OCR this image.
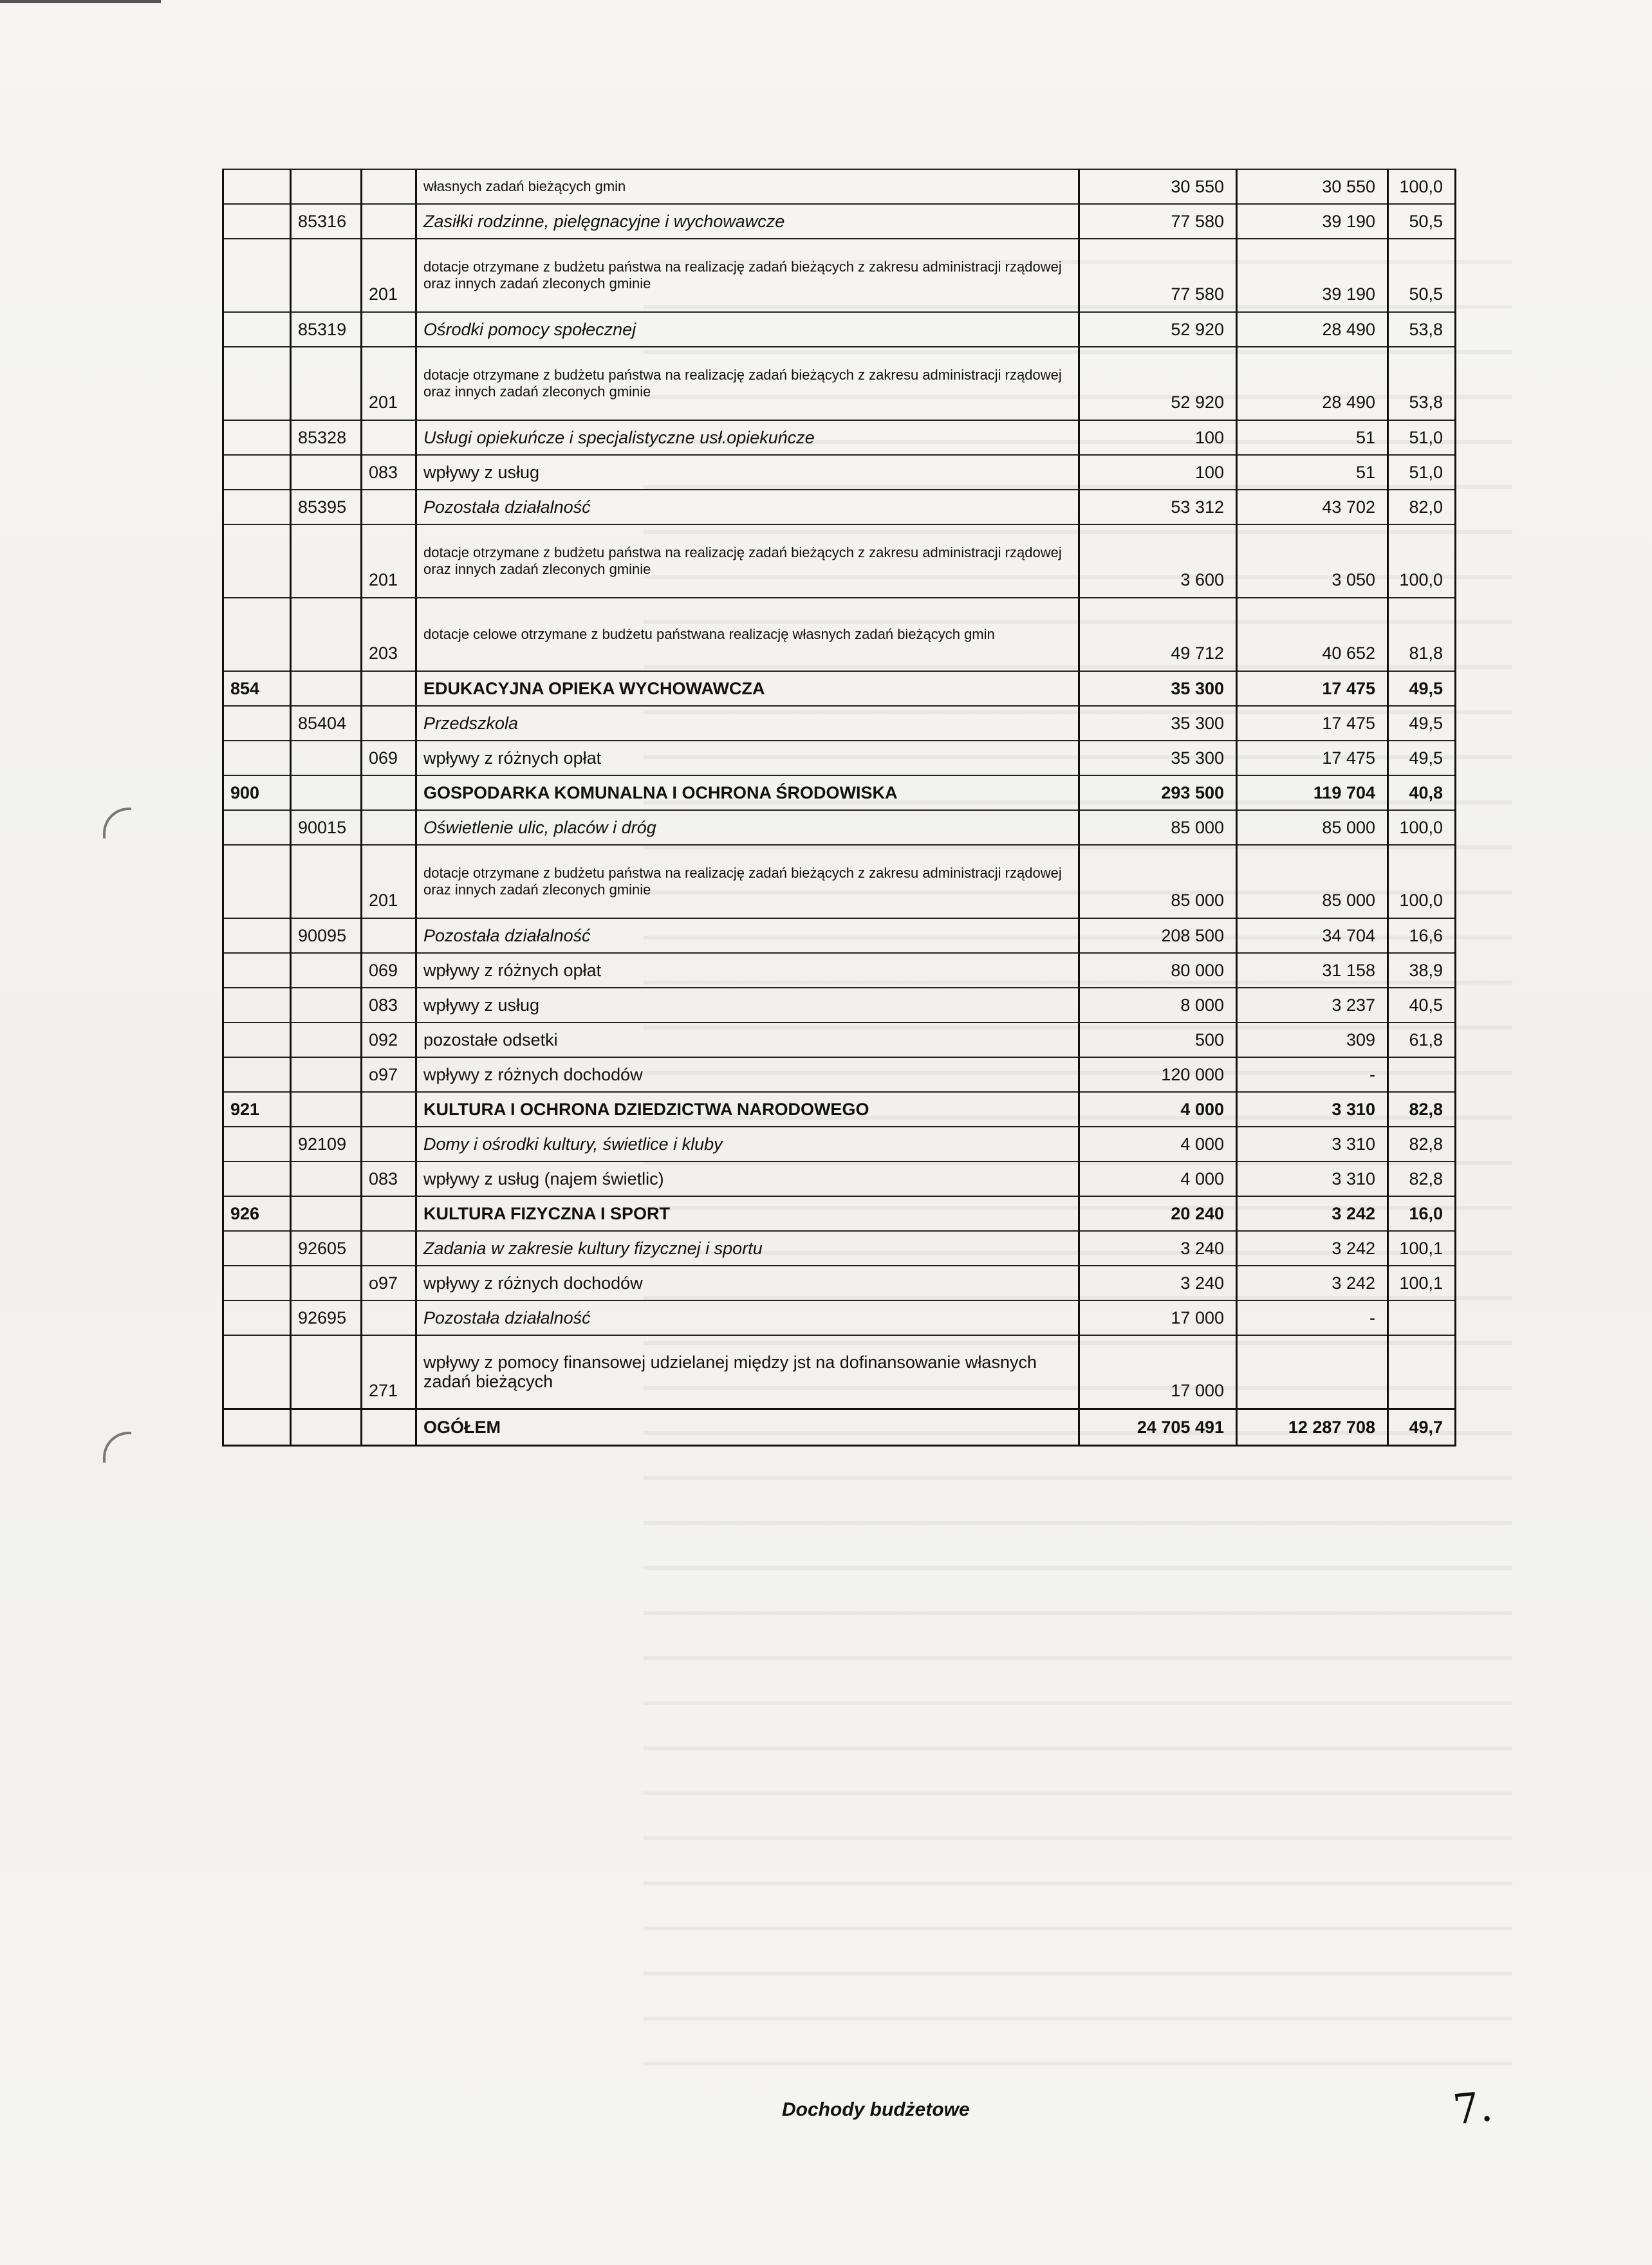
			własnych zadań bieżących gmin	30 550	30 550	100,0
	85316		Zasiłki rodzinne, pielęgnacyjne i wychowawcze	77 580	39 190	50,5
		201	dotacje otrzymane z budżetu państwa na realizację zadań bieżących z zakresu administracji rządowej oraz innych zadań zleconych gminie	77 580	39 190	50,5
	85319		Ośrodki pomocy społecznej	52 920	28 490	53,8
		201	dotacje otrzymane z budżetu państwa na realizację zadań bieżących z zakresu administracji rządowej oraz innych zadań zleconych gminie	52 920	28 490	53,8
	85328		Usługi opiekuńcze i specjalistyczne usł.opiekuńcze	100	51	51,0
		083	wpływy z usług	100	51	51,0
	85395		Pozostała działalność	53 312	43 702	82,0
		201	dotacje otrzymane z budżetu państwa na realizację zadań bieżących z zakresu administracji rządowej oraz innych zadań zleconych gminie	3 600	3 050	100,0
		203	dotacje celowe otrzymane z budżetu państwana realizację własnych zadań bieżących gmin	49 712	40 652	81,8
854			EDUKACYJNA OPIEKA WYCHOWAWCZA	35 300	17 475	49,5
	85404		Przedszkola	35 300	17 475	49,5
		069	wpływy z różnych opłat	35 300	17 475	49,5
900			GOSPODARKA KOMUNALNA I OCHRONA ŚRODOWISKA	293 500	119 704	40,8
	90015		Oświetlenie ulic, placów i dróg	85 000	85 000	100,0
		201	dotacje otrzymane z budżetu państwa na realizację zadań bieżących z zakresu administracji rządowej oraz innych zadań zleconych gminie	85 000	85 000	100,0
	90095		Pozostała działalność	208 500	34 704	16,6
		069	wpływy z różnych opłat	80 000	31 158	38,9
		083	wpływy z usług	8 000	3 237	40,5
		092	pozostałe odsetki	500	309	61,8
		o97	wpływy z różnych dochodów	120 000	-	
921			KULTURA I OCHRONA DZIEDZICTWA NARODOWEGO	4 000	3 310	82,8
	92109		Domy i ośrodki kultury, świetlice i kluby	4 000	3 310	82,8
		083	wpływy z usług (najem świetlic)	4 000	3 310	82,8
926			KULTURA FIZYCZNA I SPORT	20 240	3 242	16,0
	92605		Zadania w zakresie kultury fizycznej i sportu	3 240	3 242	100,1
		o97	wpływy z różnych dochodów	3 240	3 242	100,1
	92695		Pozostała działalność	17 000	-	
		271	wpływy z pomocy finansowej udzielanej między jst na dofinansowanie własnych zadań bieżących	17 000		
			OGÓŁEM	24 705 491	12 287 708	49,7
Dochody budżetowe	7.
